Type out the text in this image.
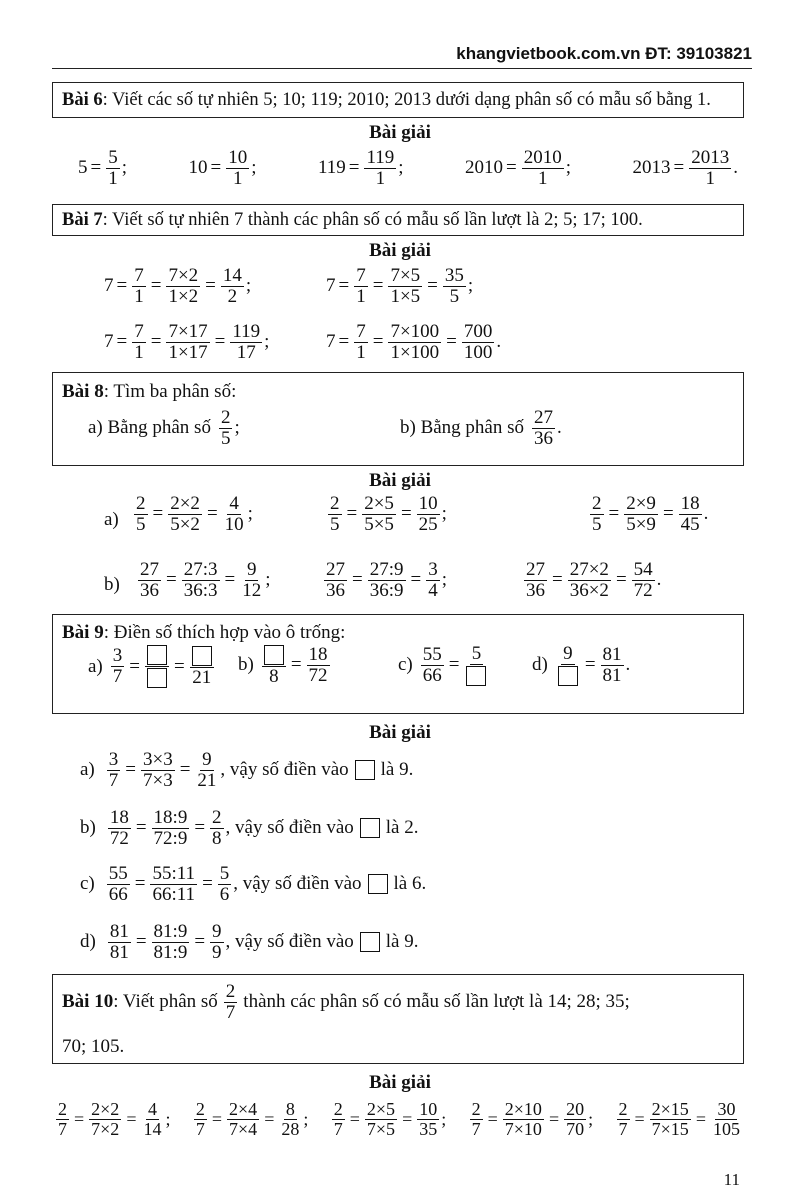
khangvietbook.com.vn ĐT: 39103821
Bài 6: Viết các số tự nhiên 5; 10; 119; 2010; 2013 dưới dạng phân số có mẫu số bằng 1.
Bài giải
$5 = \frac{5}{1}$ ;	$10 = \frac{10}{1}$ ;	$119 = \frac{119}{1}$ ;	$2010 = \frac{2010}{1}$ ;	$2013 = \frac{2013}{1}$ .
Bài 7: Viết số tự nhiên 7 thành các phân số có mẫu số lần lượt là 2; 5; 17; 100.
Bài giải
$7 = \frac{7}{1} = \frac{7\times 2}{1\times 2} = \frac{14}{2}$ ;	$7 = \frac{7}{1} = \frac{7\times 5}{1\times 5} = \frac{35}{5}$ ;
$7 = \frac{7}{1} = \frac{7\times 17}{1\times 17} = \frac{119}{17}$ ;	$7 = \frac{7}{1} = \frac{7\times 100}{1\times 100} = \frac{700}{100}$ .
Bài 8: Tìm ba phân số:
a) Bằng phân số $\frac{2}{5}$ ;	b) Bằng phân số $\frac{27}{36}$ .
Bài giải
a)
b)
$\frac{2}{5} = \frac{2\times 2}{5\times 2} = \frac{4}{10}$ ;	$\frac{2}{5} = \frac{2\times 5}{5\times 5} = \frac{10}{25}$ ;	$\frac{2}{5} = \frac{2\times 9}{5\times 9} = \frac{18}{45}$ .
$\frac{27}{36} = \frac{27:3}{36:3} = \frac{9}{12}$ ;	$\frac{27}{36} = \frac{27:9}{36:9} = \frac{3}{4}$ ;	$\frac{27}{36} = \frac{27\times 2}{36\times 2} = \frac{54}{72}$ .
Bài 9: Điền số thích hợp vào ô trống:
$a) \frac{3}{7}$ = =
21
b)
8
= $\frac{18}{72}$	$c) \frac{55}{66}$ =
5
d)
9
= $\frac{81}{81}$ .
Bài giải
$a) \frac{3}{7} = \frac{3\times 3}{7\times 3} = \frac{9}{21}$ , vậy số điền vào là 9.
$b) \frac{18}{72} = \frac{18:9}{72:9} = \frac{2}{8}$ , vậy số điền vào là 2.
$c) \frac{55}{66} = \frac{55:11}{66:11} = \frac{5}{6}$ , vậy số điền vào là 6.
$d) \frac{81}{81} = \frac{81:9}{81:9} = \frac{9}{9}$ , vậy số điền vào là 9.
Bài 10 : Viết phân số $\frac{2}{7}$ thành các phân số có mẫu số lần lượt là 14; 28; 35;
70; 105.
Bài giải
$\frac{2}{7} = \frac{2\times 2}{7\times 2} = \frac{4}{14}$ ; $\frac{2}{7} = \frac{2\times 4}{7\times 4} = \frac{8}{28}$ ; $\frac{2}{7} = \frac{2\times 5}{7\times 5} = \frac{10}{35}$ ; $\frac{2}{7} = \frac{2\times 10}{7\times 10} = \frac{20}{70}$ ; $\frac{2}{7} = \frac{2\times 15}{7\times 15} = \frac{30}{105}$
11
